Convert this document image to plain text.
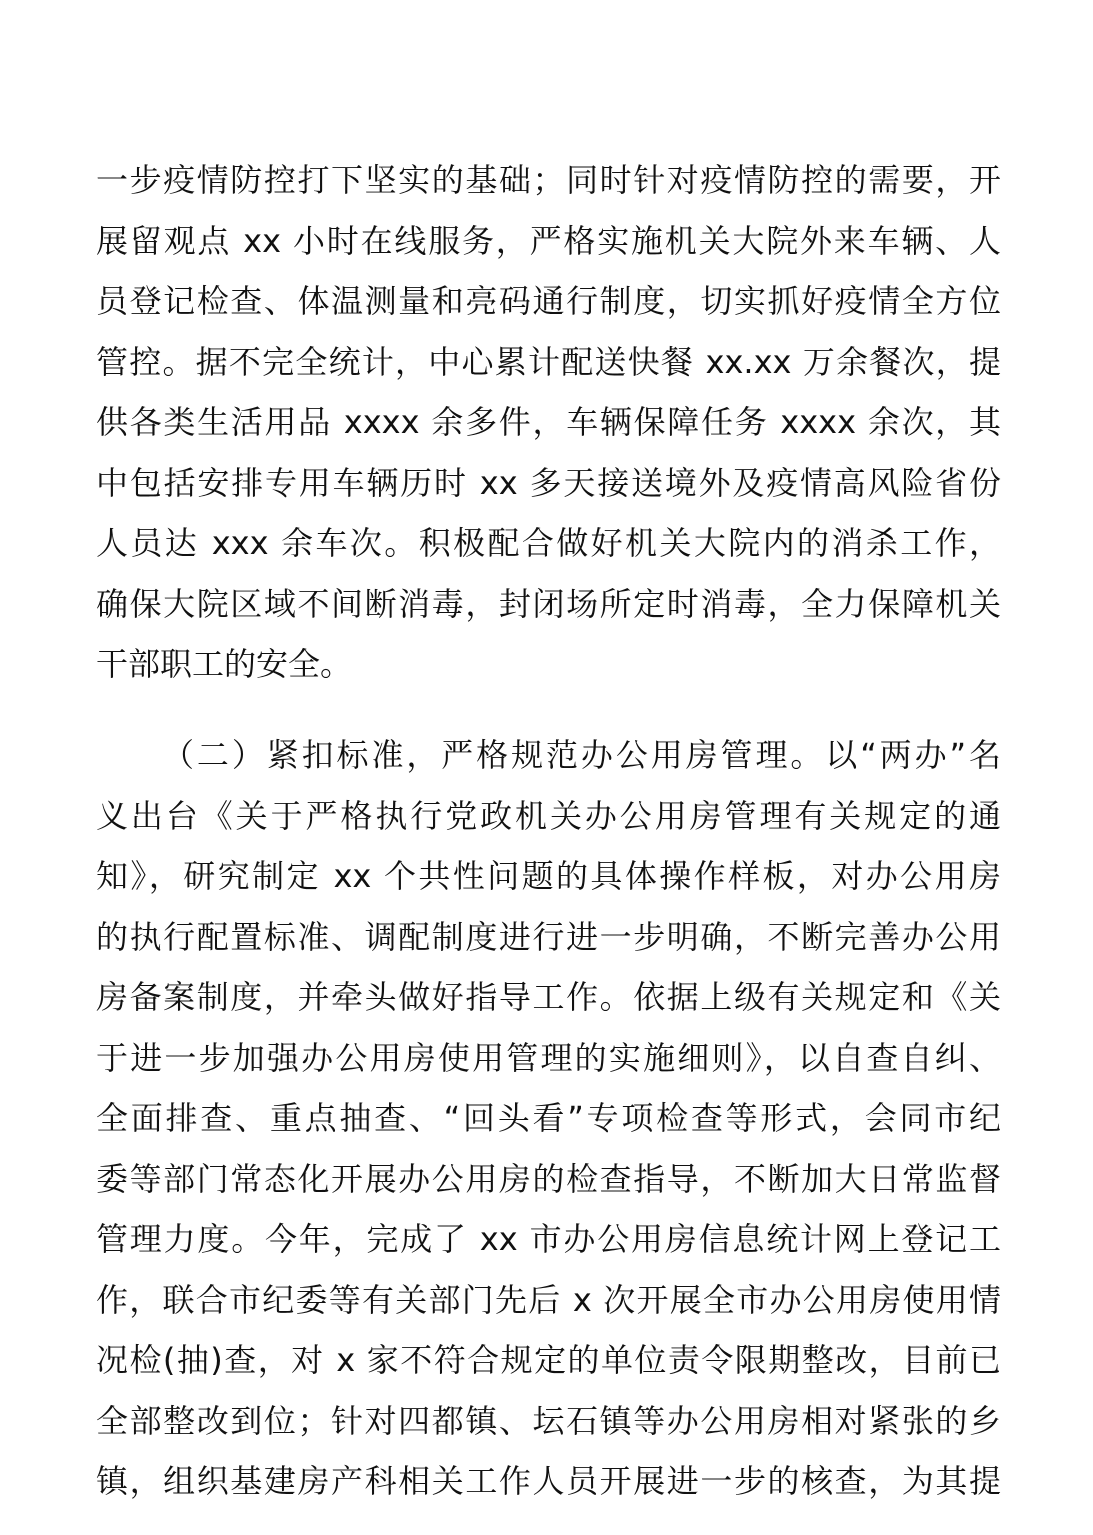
一步疫情防控打下坚实的基础；同时针对疫情防控的需要，开
展留观点 xx 小时在线服务，严格实施机关大院外来车辆、人
员登记检查、体温测量和亮码通行制度，切实抓好疫情全方位
管控。据不完全统计，中心累计配送快餐 xx.xx 万余餐次，提
供各类生活用品 xxxx 余多件，车辆保障任务 xxxx 余次，其
中包括安排专用车辆历时 xx 多天接送境外及疫情高风险省份
人员达 xxx 余车次。积极配合做好机关大院内的消杀工作，
确保大院区域不间断消毒，封闭场所定时消毒，全力保障机关
干部职工的安全。
（二）紧扣标准，严格规范办公用房管理。以“两办”名
义出台《关于严格执行党政机关办公用房管理有关规定的通
知》，研究制定 xx 个共性问题的具体操作样板，对办公用房
的执行配置标准、调配制度进行进一步明确，不断完善办公用
房备案制度，并牵头做好指导工作。依据上级有关规定和《关
于进一步加强办公用房使用管理的实施细则》，以自查自纠、
全面排查、重点抽查、“回头看”专项检查等形式，会同市纪
委等部门常态化开展办公用房的检查指导，不断加大日常监督
管理力度。今年，完成了 xx 市办公用房信息统计网上登记工
作，联合市纪委等有关部门先后 x 次开展全市办公用房使用情
况检(抽)查，对 x 家不符合规定的单位责令限期整改，目前已
全部整改到位；针对四都镇、坛石镇等办公用房相对紧张的乡
镇，组织基建房产科相关工作人员开展进一步的核查，为其提
